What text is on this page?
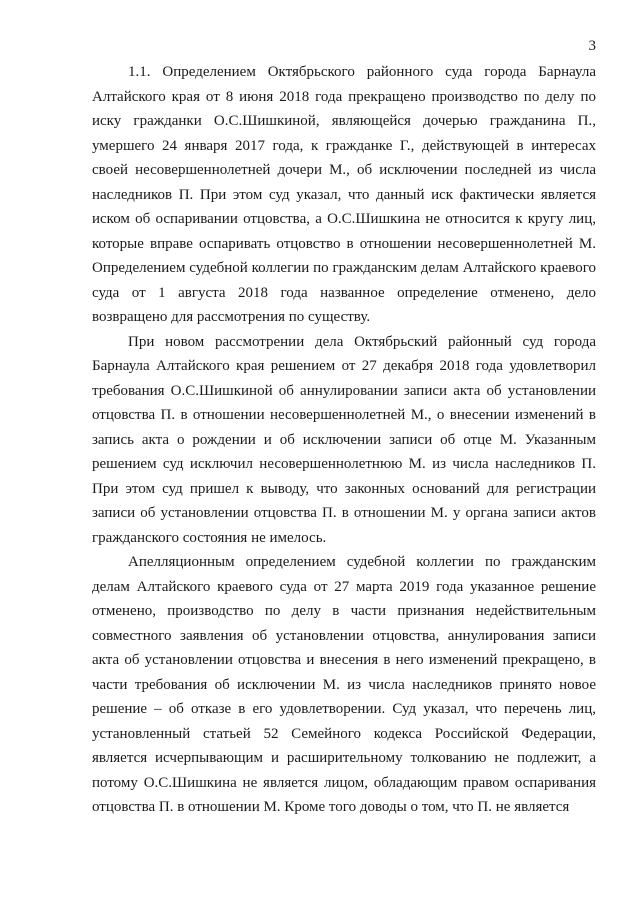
3

1.1. Определением Октябрьского районного суда города Барнаула Алтайского края от 8 июня 2018 года прекращено производство по делу по иску гражданки О.С.Шишкиной, являющейся дочерью гражданина П., умершего 24 января 2017 года, к гражданке Г., действующей в интересах своей несовершеннолетней дочери М., об исключении последней из числа наследников П. При этом суд указал, что данный иск фактически является иском об оспаривании отцовства, а О.С.Шишкина не относится к кругу лиц, которые вправе оспаривать отцовство в отношении несовершеннолетней М. Определением судебной коллегии по гражданским делам Алтайского краевого суда от 1 августа 2018 года названное определение отменено, дело возвращено для рассмотрения по существу.

При новом рассмотрении дела Октябрьский районный суд города Барнаула Алтайского края решением от 27 декабря 2018 года удовлетворил требования О.С.Шишкиной об аннулировании записи акта об установлении отцовства П. в отношении несовершеннолетней М., о внесении изменений в запись акта о рождении и об исключении записи об отце М. Указанным решением суд исключил несовершеннолетнюю М. из числа наследников П. При этом суд пришел к выводу, что законных оснований для регистрации записи об установлении отцовства П. в отношении М. у органа записи актов гражданского состояния не имелось.

Апелляционным определением судебной коллегии по гражданским делам Алтайского краевого суда от 27 марта 2019 года указанное решение отменено, производство по делу в части признания недействительным совместного заявления об установлении отцовства, аннулирования записи акта об установлении отцовства и внесения в него изменений прекращено, в части требования об исключении М. из числа наследников принято новое решение – об отказе в его удовлетворении. Суд указал, что перечень лиц, установленный статьей 52 Семейного кодекса Российской Федерации, является исчерпывающим и расширительному толкованию не подлежит, а потому О.С.Шишкина не является лицом, обладающим правом оспаривания отцовства П. в отношении М. Кроме того доводы о том, что П. не является
